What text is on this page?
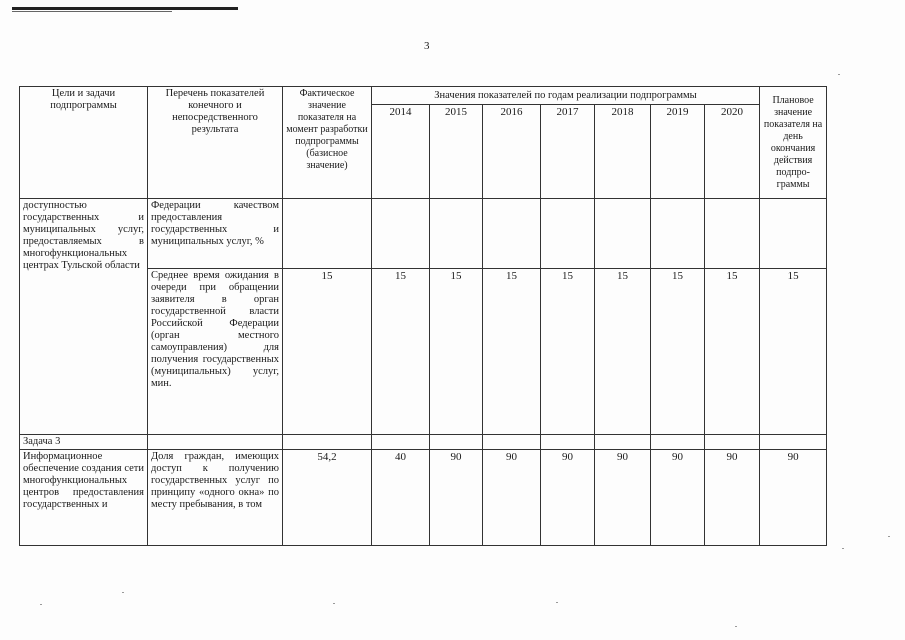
3
Цели и задачи подпрограммы	Перечень показателей конечного и непосредственного результата	Фактическое значение показателя на момент разработки подпрограммы (базисное значение)	Значения показателей по годам реализации подпрограммы							Плановое значение показателя на день окончания действия подпро-граммы
			2014	2015	2016	2017	2018	2019	2020	
доступностью государственных и муниципальных услуг, предоставляемых в многофункциональных центрах Тульской области	Федерации качеством предоставления государственных и муниципальных услуг, %									
	Среднее время ожидания в очереди при обращении заявителя в орган государственной власти Российской Федерации (орган местного самоуправления) для получения государственных (муниципальных) услуг, мин.	15	15	15	15	15	15	15	15	15
Задача 3										
Информационное обеспечение создания сети многофункциональных центров предоставления государственных и	Доля граждан, имеющих доступ к получению государственных услуг по принципу «одного окна» по месту пребывания, в том	54,2	40	90	90	90	90	90	90	90
